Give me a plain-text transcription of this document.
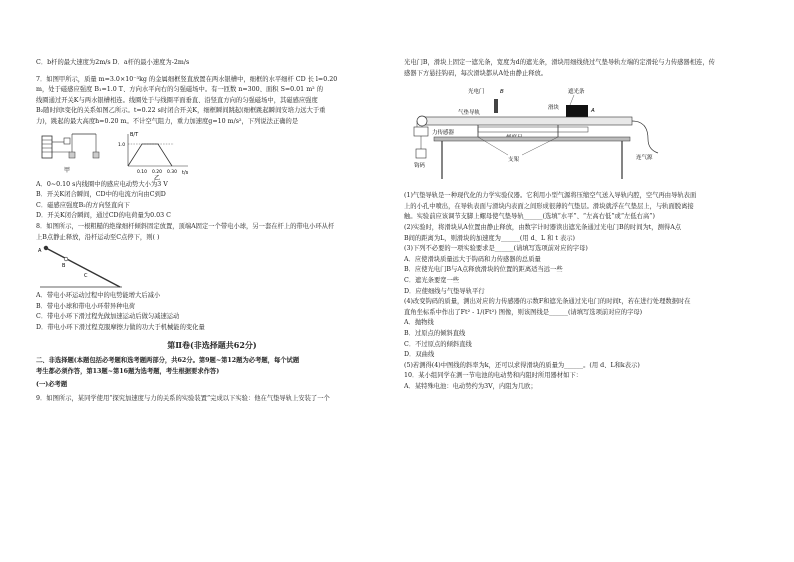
C．b杆的最大速度为2m/s D．a杆的最小速度为-2m/s
7．如图甲所示，质量 m=3.0×10⁻³kg 的金属细框竖直放置在两水银槽中，细框的水平细杆 CD 长 l=0.20
m，处于磁感应强度 B₁=1.0 T、方向水平向右的匀强磁场中。有一匝数 n=300、面积 S=0.01 m² 的
线圈通过开关K与两水银槽相连。线圈处于与线圈平面垂直、沿竖直方向的匀强磁场中，其磁感应强度
B₂随时间t变化的关系如图乙所示。t=0.22 s时闭合开关K，细框瞬间跳起(细框跳起瞬间安培力远大于重
力)，跳起的最大高度h=0.20 m。不计空气阻力，重力加速度g=10 m/s²，下列说法正确的是
甲
B/T
t/s
1.0
0.10 0.20 0.30
乙
A．0~0.10 s内线圈中的感应电动势大小为3 V
B．开关K闭合瞬间，CD中的电流方向由C到D
C．磁感应强度B₂的方向竖直向下
D．开关K闭合瞬间，通过CD的电荷量为0.03 C
8．如图所示，一根粗糙的绝缘细杆倾斜固定放置，顶端A固定一个带电小球，另一套在杆上的带电小环从杆
上B点静止释放，沿杆运动至C点停下，则( )
A
B
C
A．带电小环运动过程中的电势能增大后减小
B．带电小球和带电小环带异种电荷
C．带电小环下滑过程先做加速运动后做匀减速运动
D．带电小环下滑过程克服摩擦力做的功大于机械能的变化量
第Ⅱ卷(非选择题共62分)
二、非选择题(本题包括必考题和选考题两部分，共62分。第9题~第12题为必考题，每个试题
考生都必须作答，第13题~第16题为选考题，考生根据要求作答)
(一)必考题
9．如图所示，某同学使用“探究加速度与力的关系的实验装置”完成以下实验：他在气垫导轨上安装了一个
光电门B，滑块上固定一遮光条，宽度为d的遮光条，滑块用细线绕过气垫导轨左端的定滑轮与力传感器相连，传
感器下方悬挂钩码，每次滑块都从A处由静止释放。
光电门	B	遮光条
A
滑块
气垫导轨
力传感器
钩码
支架	连气源
(1)气垫导轨是一种现代化的力学实验仪器。它利用小型气源将压缩空气送入导轨内腔，空气再由导轨表面
上的小孔中喷出，在导轨表面与滑块内表面之间形成很薄的气垫层。滑块就浮在气垫层上，与轨面脱离接
触。实验前应该调节支脚上螺母使气垫导轨______(选填“水平”、“左高右低”或“左低右高”)
(2)实验时，将滑块从A位置由静止释放，由数字计时器读出遮光条通过光电门B的时间为t，测得A点
B间的距离为L，则滑块的加速度为______(用 d、L 和 t 表示)
(3)下列不必要的一项实验要求是______(请填写选项前对应的字母)
A．应使滑块质量远大于钩码和力传感器的总质量
B．应使光电门B与A点释放滑块的位置的距离适当远一些
C．遮光条要宽一些
D．应使细线与气垫导轨平行
(4)改变钩码的质量，测出对应的力传感器的示数F和遮光条通过光电门的时间t，若在进行处理数据时在
直角坐标系中作出了Ft² - 1/(Ft²) 图像，则该图线是______(请填写选项前对应的字母)
A．抛物线
B．过原点的倾斜直线
C．不过原点的倾斜直线
D．双曲线
(5)若测得(4)中图线的斜率为k，还可以求得滑块的质量为______。(用 d、L和k表示)
10．某小组同学在测一节电池的电动势和内阻时所用器材如下：
A．某特殊电池：电动势约为3V，内阻为几欧；
